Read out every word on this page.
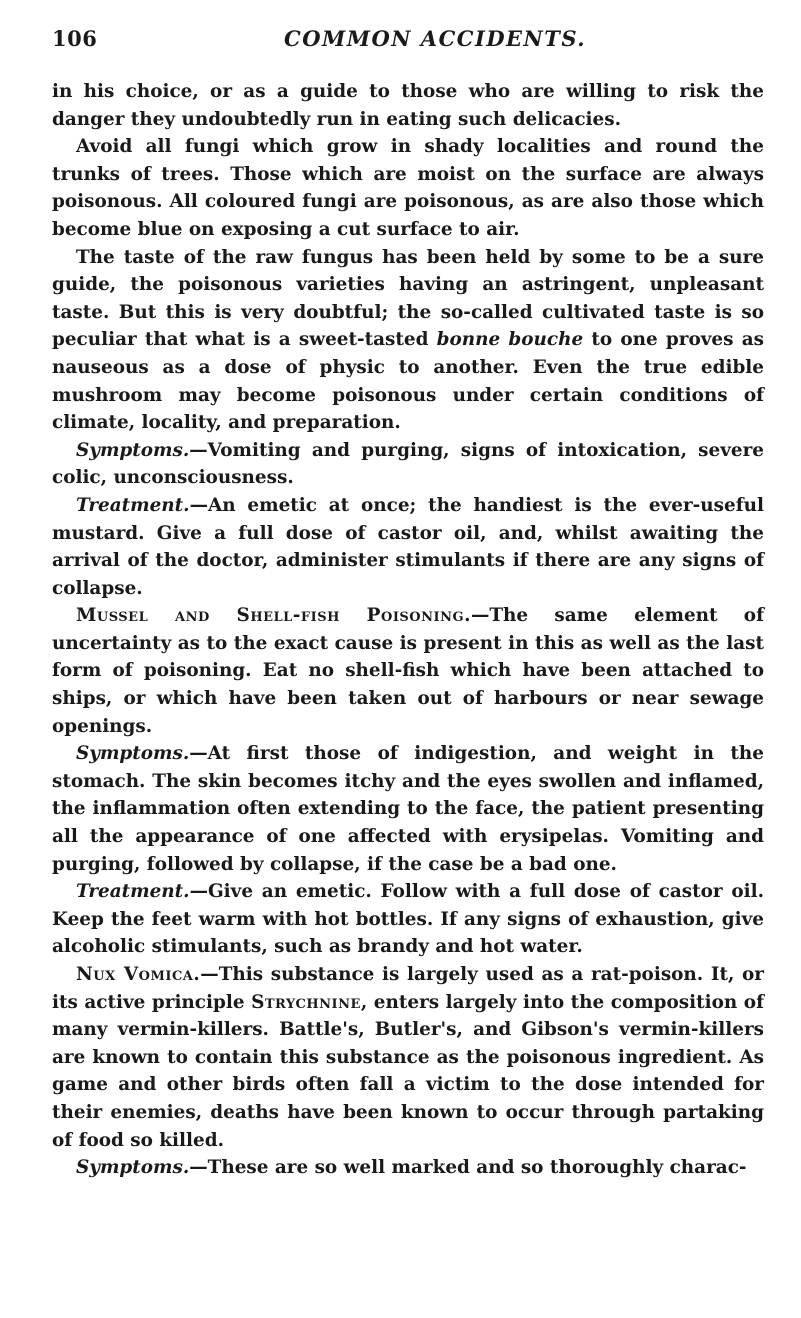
106	COMMON ACCIDENTS.

in his choice, or as a guide to those who are willing to risk the danger they undoubtedly run in eating such delicacies.

Avoid all fungi which grow in shady localities and round the trunks of trees. Those which are moist on the surface are always poisonous. All coloured fungi are poisonous, as are also those which become blue on exposing a cut surface to air.

The taste of the raw fungus has been held by some to be a sure guide, the poisonous varieties having an astringent, unpleasant taste. But this is very doubtful; the so-called cultivated taste is so peculiar that what is a sweet-tasted bonne bouche to one proves as nauseous as a dose of physic to another. Even the true edible mushroom may become poisonous under certain conditions of climate, locality, and preparation.

Symptoms.—Vomiting and purging, signs of intoxication, severe colic, unconsciousness.

Treatment.—An emetic at once; the handiest is the ever-useful mustard. Give a full dose of castor oil, and, whilst awaiting the arrival of the doctor, administer stimulants if there are any signs of collapse.

Mussel and Shell-fish Poisoning.—The same element of uncertainty as to the exact cause is present in this as well as the last form of poisoning. Eat no shell-fish which have been attached to ships, or which have been taken out of harbours or near sewage openings.

Symptoms.—At first those of indigestion, and weight in the stomach. The skin becomes itchy and the eyes swollen and inflamed, the inflammation often extending to the face, the patient presenting all the appearance of one affected with erysipelas. Vomiting and purging, followed by collapse, if the case be a bad one.

Treatment.—Give an emetic. Follow with a full dose of castor oil. Keep the feet warm with hot bottles. If any signs of exhaustion, give alcoholic stimulants, such as brandy and hot water.

Nux Vomica.—This substance is largely used as a rat-poison. It, or its active principle Strychnine, enters largely into the composition of many vermin-killers. Battle's, Butler's, and Gibson's vermin-killers are known to contain this substance as the poisonous ingredient. As game and other birds often fall a victim to the dose intended for their enemies, deaths have been known to occur through partaking of food so killed.

Symptoms.—These are so well marked and so thoroughly charac-
